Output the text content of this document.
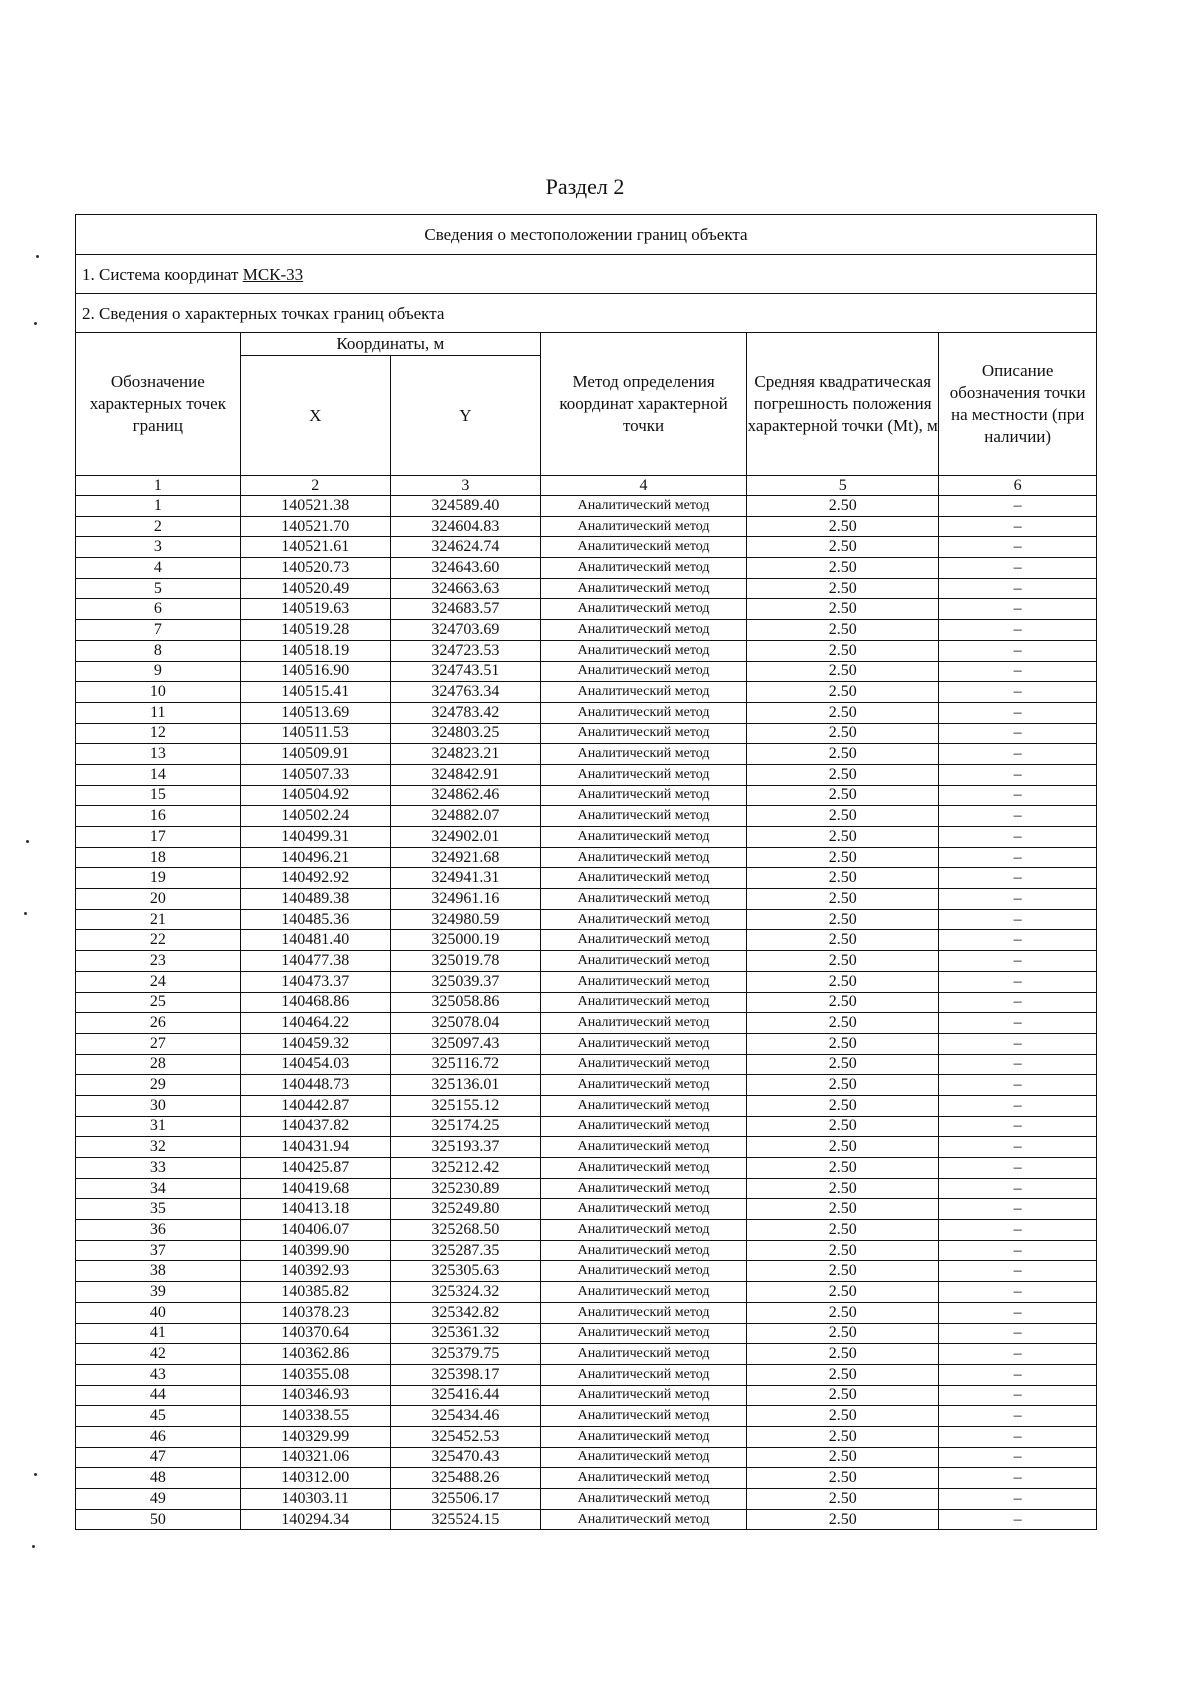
Раздел 2
Сведения о местоположении границ объекта
1. Система координат МСК-33
2. Сведения о характерных точках границ объекта
Обозначение характерных точек границ	Координаты, м		Метод определения координат характерной точки	Средняя квадратическая погрешность положения характерной точки (Mt), м	Описание обозначения точки на местности (при наличии)
	X	Y			
1	2	3	4	5	6
1	140521.38	324589.40	Аналитический метод	2.50	–
2	140521.70	324604.83	Аналитический метод	2.50	–
3	140521.61	324624.74	Аналитический метод	2.50	–
4	140520.73	324643.60	Аналитический метод	2.50	–
5	140520.49	324663.63	Аналитический метод	2.50	–
6	140519.63	324683.57	Аналитический метод	2.50	–
7	140519.28	324703.69	Аналитический метод	2.50	–
8	140518.19	324723.53	Аналитический метод	2.50	–
9	140516.90	324743.51	Аналитический метод	2.50	–
10	140515.41	324763.34	Аналитический метод	2.50	–
11	140513.69	324783.42	Аналитический метод	2.50	–
12	140511.53	324803.25	Аналитический метод	2.50	–
13	140509.91	324823.21	Аналитический метод	2.50	–
14	140507.33	324842.91	Аналитический метод	2.50	–
15	140504.92	324862.46	Аналитический метод	2.50	–
16	140502.24	324882.07	Аналитический метод	2.50	–
17	140499.31	324902.01	Аналитический метод	2.50	–
18	140496.21	324921.68	Аналитический метод	2.50	–
19	140492.92	324941.31	Аналитический метод	2.50	–
20	140489.38	324961.16	Аналитический метод	2.50	–
21	140485.36	324980.59	Аналитический метод	2.50	–
22	140481.40	325000.19	Аналитический метод	2.50	–
23	140477.38	325019.78	Аналитический метод	2.50	–
24	140473.37	325039.37	Аналитический метод	2.50	–
25	140468.86	325058.86	Аналитический метод	2.50	–
26	140464.22	325078.04	Аналитический метод	2.50	–
27	140459.32	325097.43	Аналитический метод	2.50	–
28	140454.03	325116.72	Аналитический метод	2.50	–
29	140448.73	325136.01	Аналитический метод	2.50	–
30	140442.87	325155.12	Аналитический метод	2.50	–
31	140437.82	325174.25	Аналитический метод	2.50	–
32	140431.94	325193.37	Аналитический метод	2.50	–
33	140425.87	325212.42	Аналитический метод	2.50	–
34	140419.68	325230.89	Аналитический метод	2.50	–
35	140413.18	325249.80	Аналитический метод	2.50	–
36	140406.07	325268.50	Аналитический метод	2.50	–
37	140399.90	325287.35	Аналитический метод	2.50	–
38	140392.93	325305.63	Аналитический метод	2.50	–
39	140385.82	325324.32	Аналитический метод	2.50	–
40	140378.23	325342.82	Аналитический метод	2.50	–
41	140370.64	325361.32	Аналитический метод	2.50	–
42	140362.86	325379.75	Аналитический метод	2.50	–
43	140355.08	325398.17	Аналитический метод	2.50	–
44	140346.93	325416.44	Аналитический метод	2.50	–
45	140338.55	325434.46	Аналитический метод	2.50	–
46	140329.99	325452.53	Аналитический метод	2.50	–
47	140321.06	325470.43	Аналитический метод	2.50	–
48	140312.00	325488.26	Аналитический метод	2.50	–
49	140303.11	325506.17	Аналитический метод	2.50	–
50	140294.34	325524.15	Аналитический метод	2.50	–
